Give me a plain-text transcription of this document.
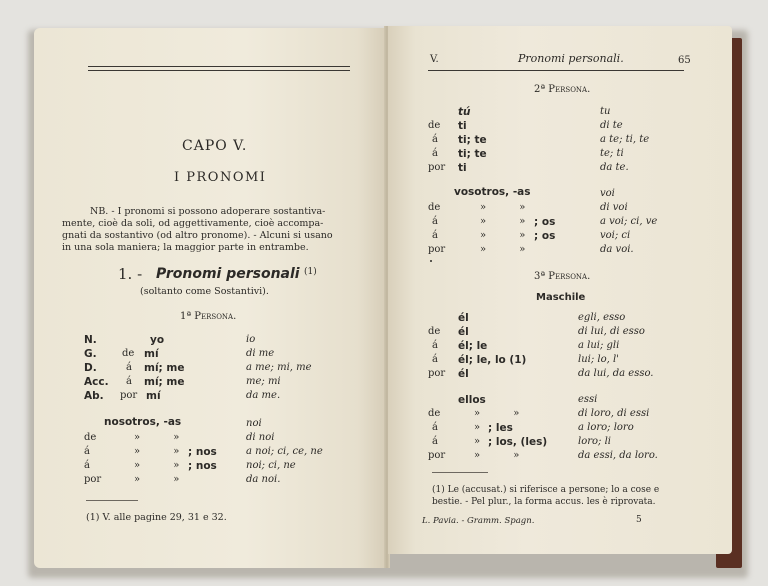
CAPO V.
I PRONOMI
NB. - I pronomi si possono adoperare sostantiva-
mente, cioè da soli, od aggettivamente, cioè accompa-
gnati da sostantivo (od altro pronome). - Alcuni si usano
in una sola maniera; la maggior parte in entrambe.
1. - Pronomi personali (1)
(soltanto come Sostantivi).
1ª Persona.
N.	yo	io
G.	de mí	di me
D.	á mí; me	a me; mi, me
Acc. á mí; me	me; mi
Ab. por mí	da me.
nosotros, -as	noi
de	» »	di noi
á	» » ; nos	a noi; ci, ce, ne
á	» » ; nos	noi; ci, ne
por	» »	da noi.
(1) V. alle pagine 29, 31 e 32.
V.	Pronomi personali.	65
2ª Persona.
tú	tu
de ti	di te
á ti; te	a te; ti, te
á ti; te	te; ti
por ti	da te.
vosotros, -as	voi
de	» »	di voi
á	» » ; os	a voi; ci, ve
á	» » ; os	voi; ci
por	» »	da voi.
3ª Persona.
Maschile
él	egli, esso
de él	di lui, di esso
á él; le	a lui; gli
á él; le, lo (1)	lui; lo, l'
por él	da lui, da esso.
ellos	essi
de	» »	di loro, di essi
á	» ; les	a loro; loro
á	» ; los, (les)	loro; li
por	» »	da essi, da loro.
(1) Le (accusat.) si riferisce a persone; lo a cose e
bestie. - Pel plur., la forma accus. les è riprovata.
L. Pavia. - Gramm. Spagn.	5
